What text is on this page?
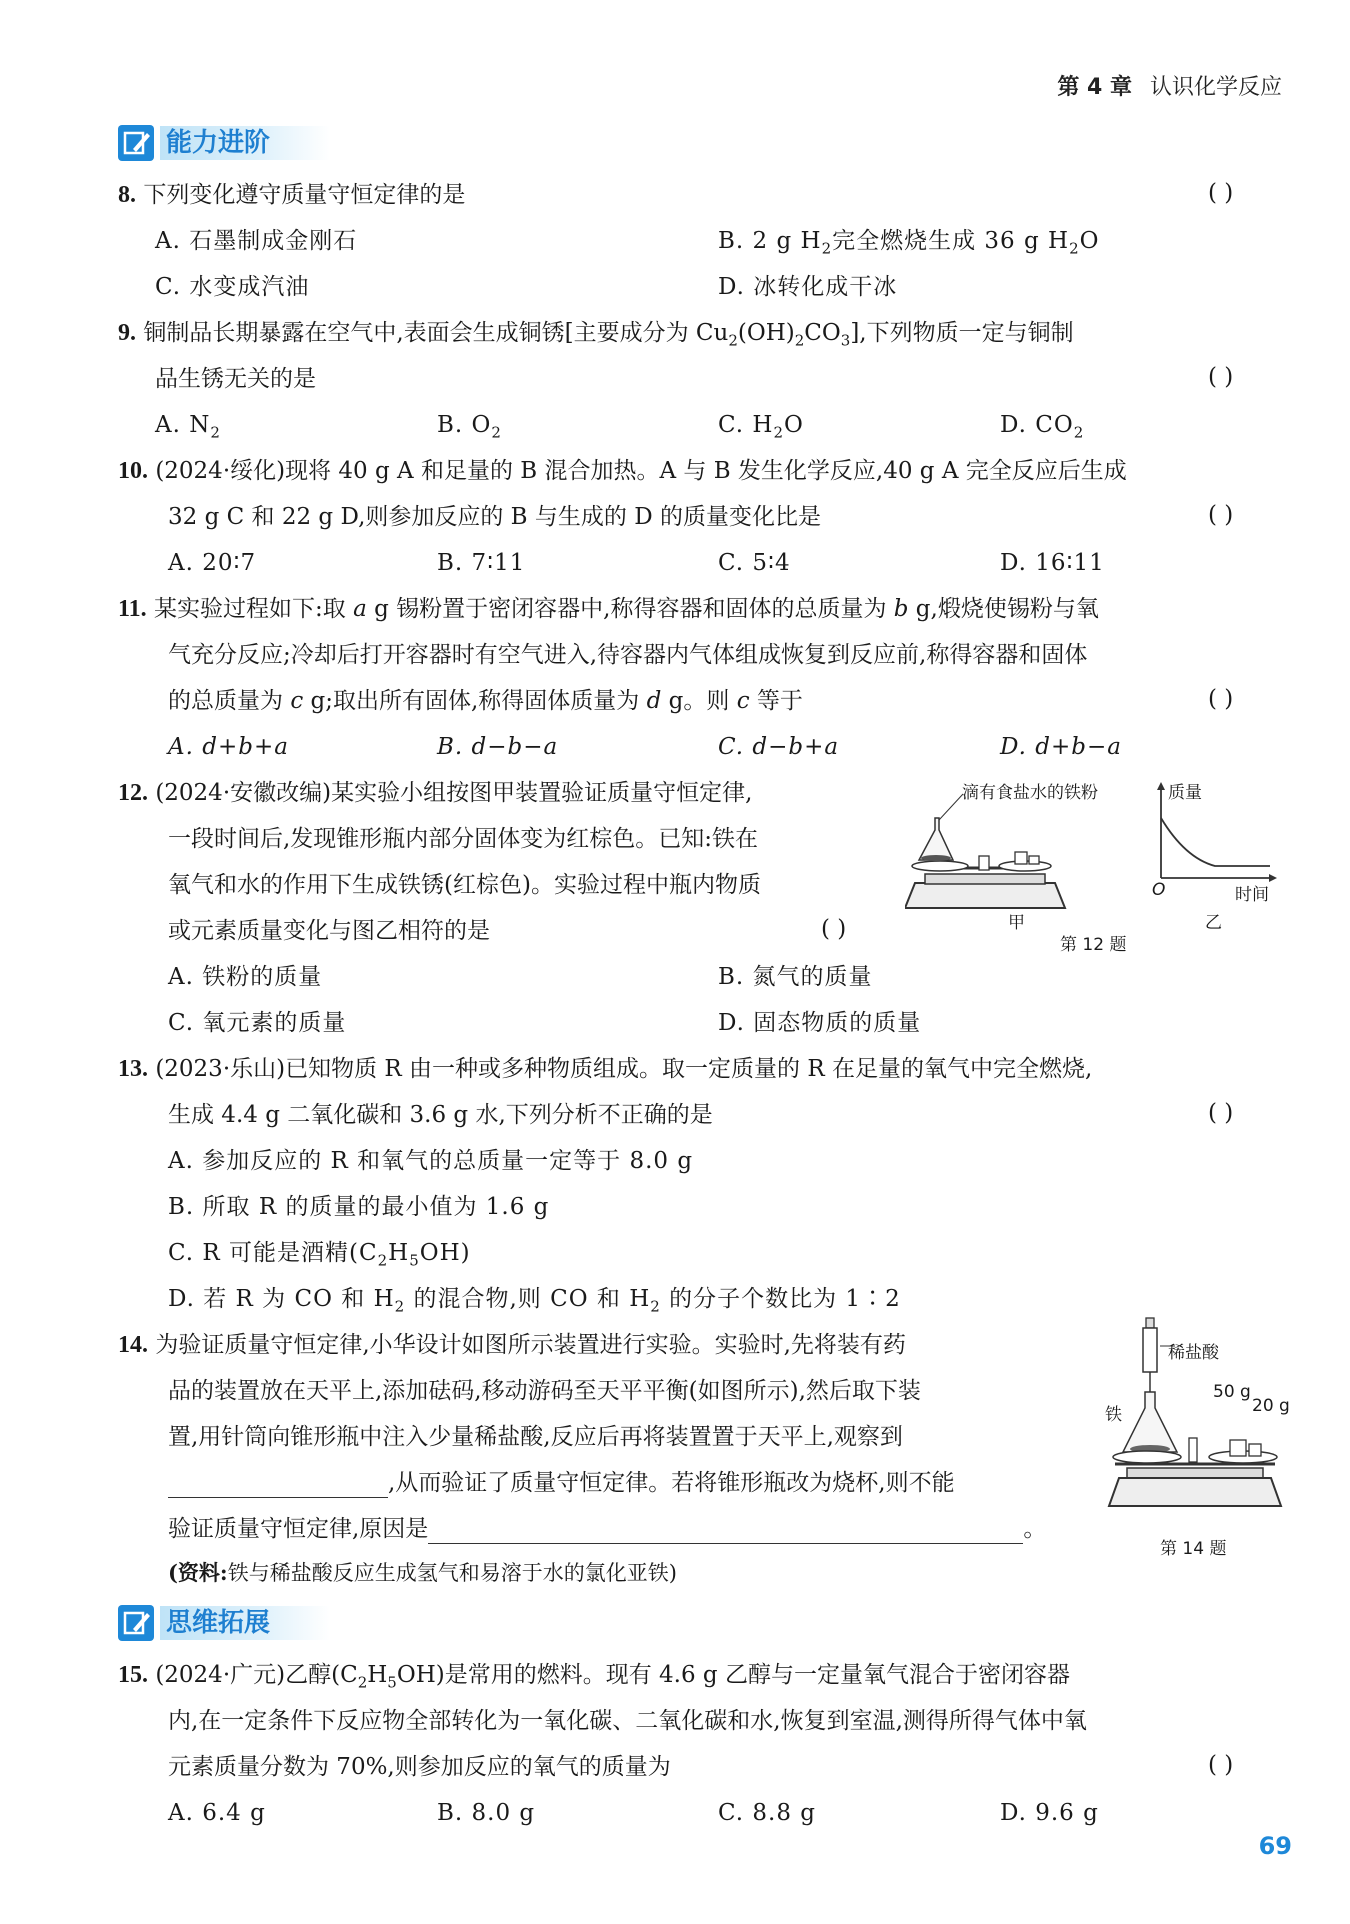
第 4 章 认识化学反应
能力进阶
8. 下列变化遵守质量守恒定律的是	( )
A. 石墨制成金刚石	B. 2 g $H_2$完全燃烧生成 36 g $H_2O$
C. 水变成汽油	D. 冰转化成干冰
9. 铜制品长期暴露在空气中,表面会生成铜锈[主要成分为 $Cu_2(OH)_2CO_3$],下列物质一定与铜制
品生锈无关的是	( )
A. $N_2$	B. $O_2$	C. $H_2O$	D. $CO_2$
10. (2024·绥化)现将 40 g A 和足量的 B 混合加热。A 与 B 发生化学反应,40 g A 完全反应后生成
32 g C 和 22 g D,则参加反应的 B 与生成的 D 的质量变化比是	( )
A. 20∶7	B. 7∶11	C. 5∶4	D. 16∶11
11. 某实验过程如下:取 a g 锡粉置于密闭容器中,称得容器和固体的总质量为 b g,煅烧使锡粉与氧
气充分反应;冷却后打开容器时有空气进入,待容器内气体组成恢复到反应前,称得容器和固体
的总质量为 c g;取出所有固体,称得固体质量为 d g。则 c 等于	( )
A. d+b+a	B. d−b−a	C. d−b+a	D. d+b−a
12. (2024·安徽改编)某实验小组按图甲装置验证质量守恒定律,
一段时间后,发现锥形瓶内部分固体变为红棕色。已知:铁在
氧气和水的作用下生成铁锈(红棕色)。实验过程中瓶内物质
或元素质量变化与图乙相符的是	( )
滴有食盐水的铁粉
甲
质量
O	时间
乙
第 12 题
A. 铁粉的质量	B. 氮气的质量
C. 氧元素的质量	D. 固态物质的质量
13. (2023·乐山)已知物质 R 由一种或多种物质组成。取一定质量的 R 在足量的氧气中完全燃烧,
生成 4.4 g 二氧化碳和 3.6 g 水,下列分析不正确的是	( )
A. 参加反应的 R 和氧气的总质量一定等于 8.0 g
B. 所取 R 的质量的最小值为 1.6 g
C. R 可能是酒精$(C_2H_5OH)$
D. 若 R 为 CO 和 $H_2$ 的混合物,则 CO 和 $H_2$ 的分子个数比为 1∶2
14. 为验证质量守恒定律,小华设计如图所示装置进行实验。实验时,先将装有药
品的装置放在天平上,添加砝码,移动游码至天平平衡(如图所示),然后取下装
置,用针筒向锥形瓶中注入少量稀盐酸,反应后再将装置置于天平上,观察到
,从而验证了质量守恒定律。若将锥形瓶改为烧杯,则不能
验证质量守恒定律,原因是	。
(资料:铁与稀盐酸反应生成氢气和易溶于水的氯化亚铁)
稀盐酸
铁
50 g
20 g
第 14 题
思维拓展
15. (2024·广元)乙醇$(C_2H_5OH)$是常用的燃料。现有 4.6 g 乙醇与一定量氧气混合于密闭容器
内,在一定条件下反应物全部转化为一氧化碳、二氧化碳和水,恢复到室温,测得所得气体中氧
元素质量分数为 70%,则参加反应的氧气的质量为	( )
A. 6.4 g	B. 8.0 g	C. 8.8 g	D. 9.6 g
69
